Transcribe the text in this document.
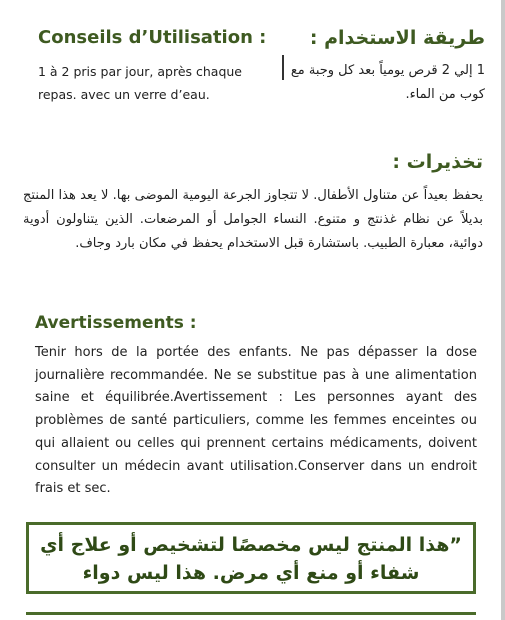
Conseils d’Utilisation :

1 à 2 pris par jour, après chaque repas. avec un verre d’eau.

طريقة الاستخدام :

1 إلي 2 قرص يومياً بعد كل وجبة مع كوب من الماء.

تخذيرات :

يحفظ بعيداً عن متناول الأطفال. لا تتجاوز الجرعة اليومية الموضى بها. لا يعد هذا المنتج بديلاً عن نظام غذنتج و متنوع. النساء الجوامل أو المرضعات. الذين يتناولون أدوية دوائية، معبارة الطبيب. باستشارة قبل الاستخدام يحفظ في مكان بارد وجاف.

Avertissements :

Tenir hors de la portée des enfants. Ne pas dépasser la dose journalière recommandée. Ne se substitue pas à une alimentation saine et équilibrée.Avertissement : Les personnes ayant des problèmes de santé particuliers, comme les femmes enceintes ou qui allaient ou celles qui prennent certains médicaments, doivent consulter un médecin avant utilisation.Conserver dans un endroit frais et sec.

”هذا المنتج ليس مخصصًا لتشخيص أو علاج أي شفاء أو منع أي مرض. هذا ليس دواء
